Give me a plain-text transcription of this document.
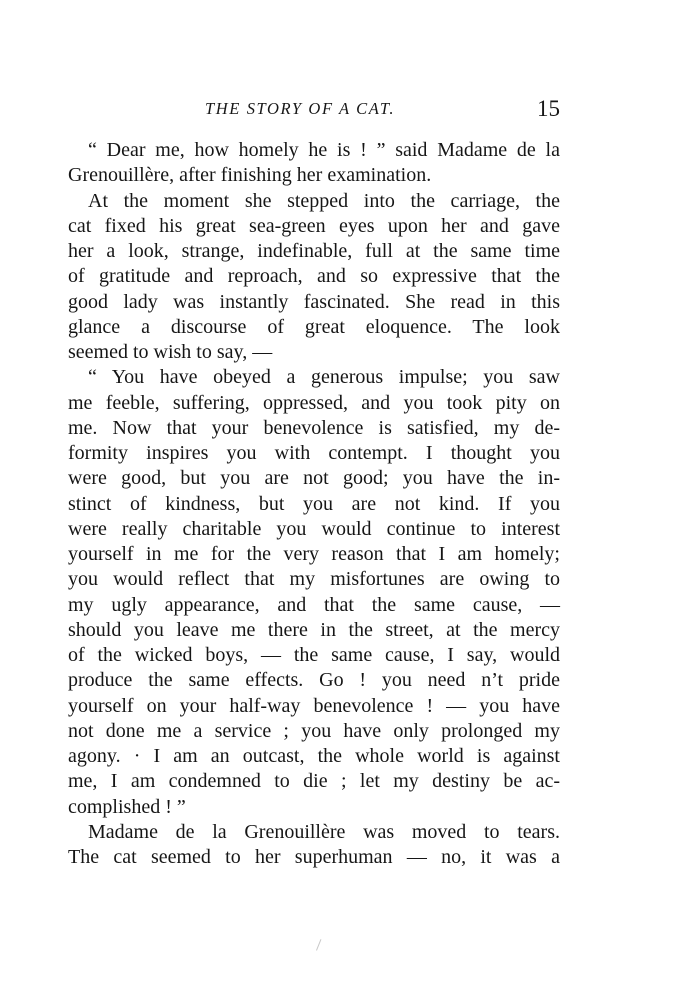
THE STORY OF A CAT.	15
“ Dear me, how homely he is ! ” said Madame de la
Grenouillère, after finishing her examination.
At the moment she stepped into the carriage, the
cat fixed his great sea-green eyes upon her and gave
her a look, strange, indefinable, full at the same time
of gratitude and reproach, and so expressive that the
good lady was instantly fascinated. She read in this
glance a discourse of great eloquence. The look
seemed to wish to say, —
“ You have obeyed a generous impulse; you saw
me feeble, suffering, oppressed, and you took pity on
me. Now that your benevolence is satisfied, my de-
formity inspires you with contempt. I thought you
were good, but you are not good; you have the in-
stinct of kindness, but you are not kind. If you
were really charitable you would continue to interest
yourself in me for the very reason that I am homely;
you would reflect that my misfortunes are owing to
my ugly appearance, and that the same cause, —
should you leave me there in the street, at the mercy
of the wicked boys, — the same cause, I say, would
produce the same effects. Go ! you need n’t pride
yourself on your half-way benevolence ! — you have
not done me a service ; you have only prolonged my
agony. · I am an outcast, the whole world is against
me, I am condemned to die ; let my destiny be ac-
complished ! ”
Madame de la Grenouillère was moved to tears.
The cat seemed to her superhuman — no, it was a
